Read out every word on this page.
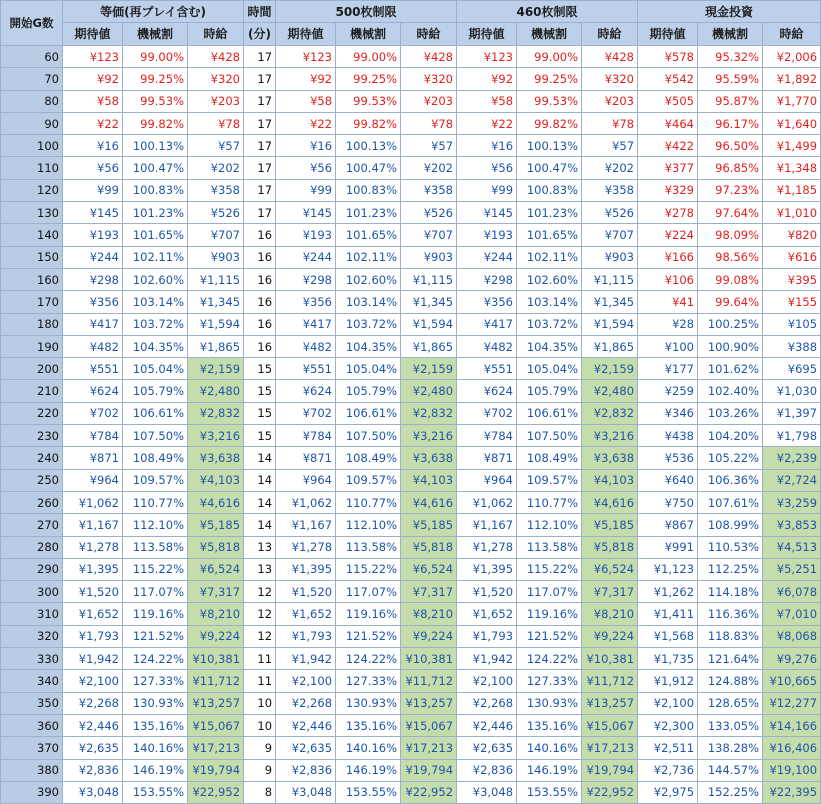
開始G数	等価(再プレイ含む)			時間	500枚制限			460枚制限			現金投資		
	期待値	機械割	時給	(分)	期待値	機械割	時給	期待値	機械割	時給	期待値	機械割	時給
60	¥123	99.00%	¥428	17	¥123	99.00%	¥428	¥123	99.00%	¥428	¥578	95.32%	¥2,006
70	¥92	99.25%	¥320	17	¥92	99.25%	¥320	¥92	99.25%	¥320	¥542	95.59%	¥1,892
80	¥58	99.53%	¥203	17	¥58	99.53%	¥203	¥58	99.53%	¥203	¥505	95.87%	¥1,770
90	¥22	99.82%	¥78	17	¥22	99.82%	¥78	¥22	99.82%	¥78	¥464	96.17%	¥1,640
100	¥16	100.13%	¥57	17	¥16	100.13%	¥57	¥16	100.13%	¥57	¥422	96.50%	¥1,499
110	¥56	100.47%	¥202	17	¥56	100.47%	¥202	¥56	100.47%	¥202	¥377	96.85%	¥1,348
120	¥99	100.83%	¥358	17	¥99	100.83%	¥358	¥99	100.83%	¥358	¥329	97.23%	¥1,185
130	¥145	101.23%	¥526	17	¥145	101.23%	¥526	¥145	101.23%	¥526	¥278	97.64%	¥1,010
140	¥193	101.65%	¥707	16	¥193	101.65%	¥707	¥193	101.65%	¥707	¥224	98.09%	¥820
150	¥244	102.11%	¥903	16	¥244	102.11%	¥903	¥244	102.11%	¥903	¥166	98.56%	¥616
160	¥298	102.60%	¥1,115	16	¥298	102.60%	¥1,115	¥298	102.60%	¥1,115	¥106	99.08%	¥395
170	¥356	103.14%	¥1,345	16	¥356	103.14%	¥1,345	¥356	103.14%	¥1,345	¥41	99.64%	¥155
180	¥417	103.72%	¥1,594	16	¥417	103.72%	¥1,594	¥417	103.72%	¥1,594	¥28	100.25%	¥105
190	¥482	104.35%	¥1,865	16	¥482	104.35%	¥1,865	¥482	104.35%	¥1,865	¥100	100.90%	¥388
200	¥551	105.04%	¥2,159	15	¥551	105.04%	¥2,159	¥551	105.04%	¥2,159	¥177	101.62%	¥695
210	¥624	105.79%	¥2,480	15	¥624	105.79%	¥2,480	¥624	105.79%	¥2,480	¥259	102.40%	¥1,030
220	¥702	106.61%	¥2,832	15	¥702	106.61%	¥2,832	¥702	106.61%	¥2,832	¥346	103.26%	¥1,397
230	¥784	107.50%	¥3,216	15	¥784	107.50%	¥3,216	¥784	107.50%	¥3,216	¥438	104.20%	¥1,798
240	¥871	108.49%	¥3,638	14	¥871	108.49%	¥3,638	¥871	108.49%	¥3,638	¥536	105.22%	¥2,239
250	¥964	109.57%	¥4,103	14	¥964	109.57%	¥4,103	¥964	109.57%	¥4,103	¥640	106.36%	¥2,724
260	¥1,062	110.77%	¥4,616	14	¥1,062	110.77%	¥4,616	¥1,062	110.77%	¥4,616	¥750	107.61%	¥3,259
270	¥1,167	112.10%	¥5,185	14	¥1,167	112.10%	¥5,185	¥1,167	112.10%	¥5,185	¥867	108.99%	¥3,853
280	¥1,278	113.58%	¥5,818	13	¥1,278	113.58%	¥5,818	¥1,278	113.58%	¥5,818	¥991	110.53%	¥4,513
290	¥1,395	115.22%	¥6,524	13	¥1,395	115.22%	¥6,524	¥1,395	115.22%	¥6,524	¥1,123	112.25%	¥5,251
300	¥1,520	117.07%	¥7,317	12	¥1,520	117.07%	¥7,317	¥1,520	117.07%	¥7,317	¥1,262	114.18%	¥6,078
310	¥1,652	119.16%	¥8,210	12	¥1,652	119.16%	¥8,210	¥1,652	119.16%	¥8,210	¥1,411	116.36%	¥7,010
320	¥1,793	121.52%	¥9,224	12	¥1,793	121.52%	¥9,224	¥1,793	121.52%	¥9,224	¥1,568	118.83%	¥8,068
330	¥1,942	124.22%	¥10,381	11	¥1,942	124.22%	¥10,381	¥1,942	124.22%	¥10,381	¥1,735	121.64%	¥9,276
340	¥2,100	127.33%	¥11,712	11	¥2,100	127.33%	¥11,712	¥2,100	127.33%	¥11,712	¥1,912	124.88%	¥10,665
350	¥2,268	130.93%	¥13,257	10	¥2,268	130.93%	¥13,257	¥2,268	130.93%	¥13,257	¥2,100	128.65%	¥12,277
360	¥2,446	135.16%	¥15,067	10	¥2,446	135.16%	¥15,067	¥2,446	135.16%	¥15,067	¥2,300	133.05%	¥14,166
370	¥2,635	140.16%	¥17,213	9	¥2,635	140.16%	¥17,213	¥2,635	140.16%	¥17,213	¥2,511	138.28%	¥16,406
380	¥2,836	146.19%	¥19,794	9	¥2,836	146.19%	¥19,794	¥2,836	146.19%	¥19,794	¥2,736	144.57%	¥19,100
390	¥3,048	153.55%	¥22,952	8	¥3,048	153.55%	¥22,952	¥3,048	153.55%	¥22,952	¥2,975	152.25%	¥22,395
